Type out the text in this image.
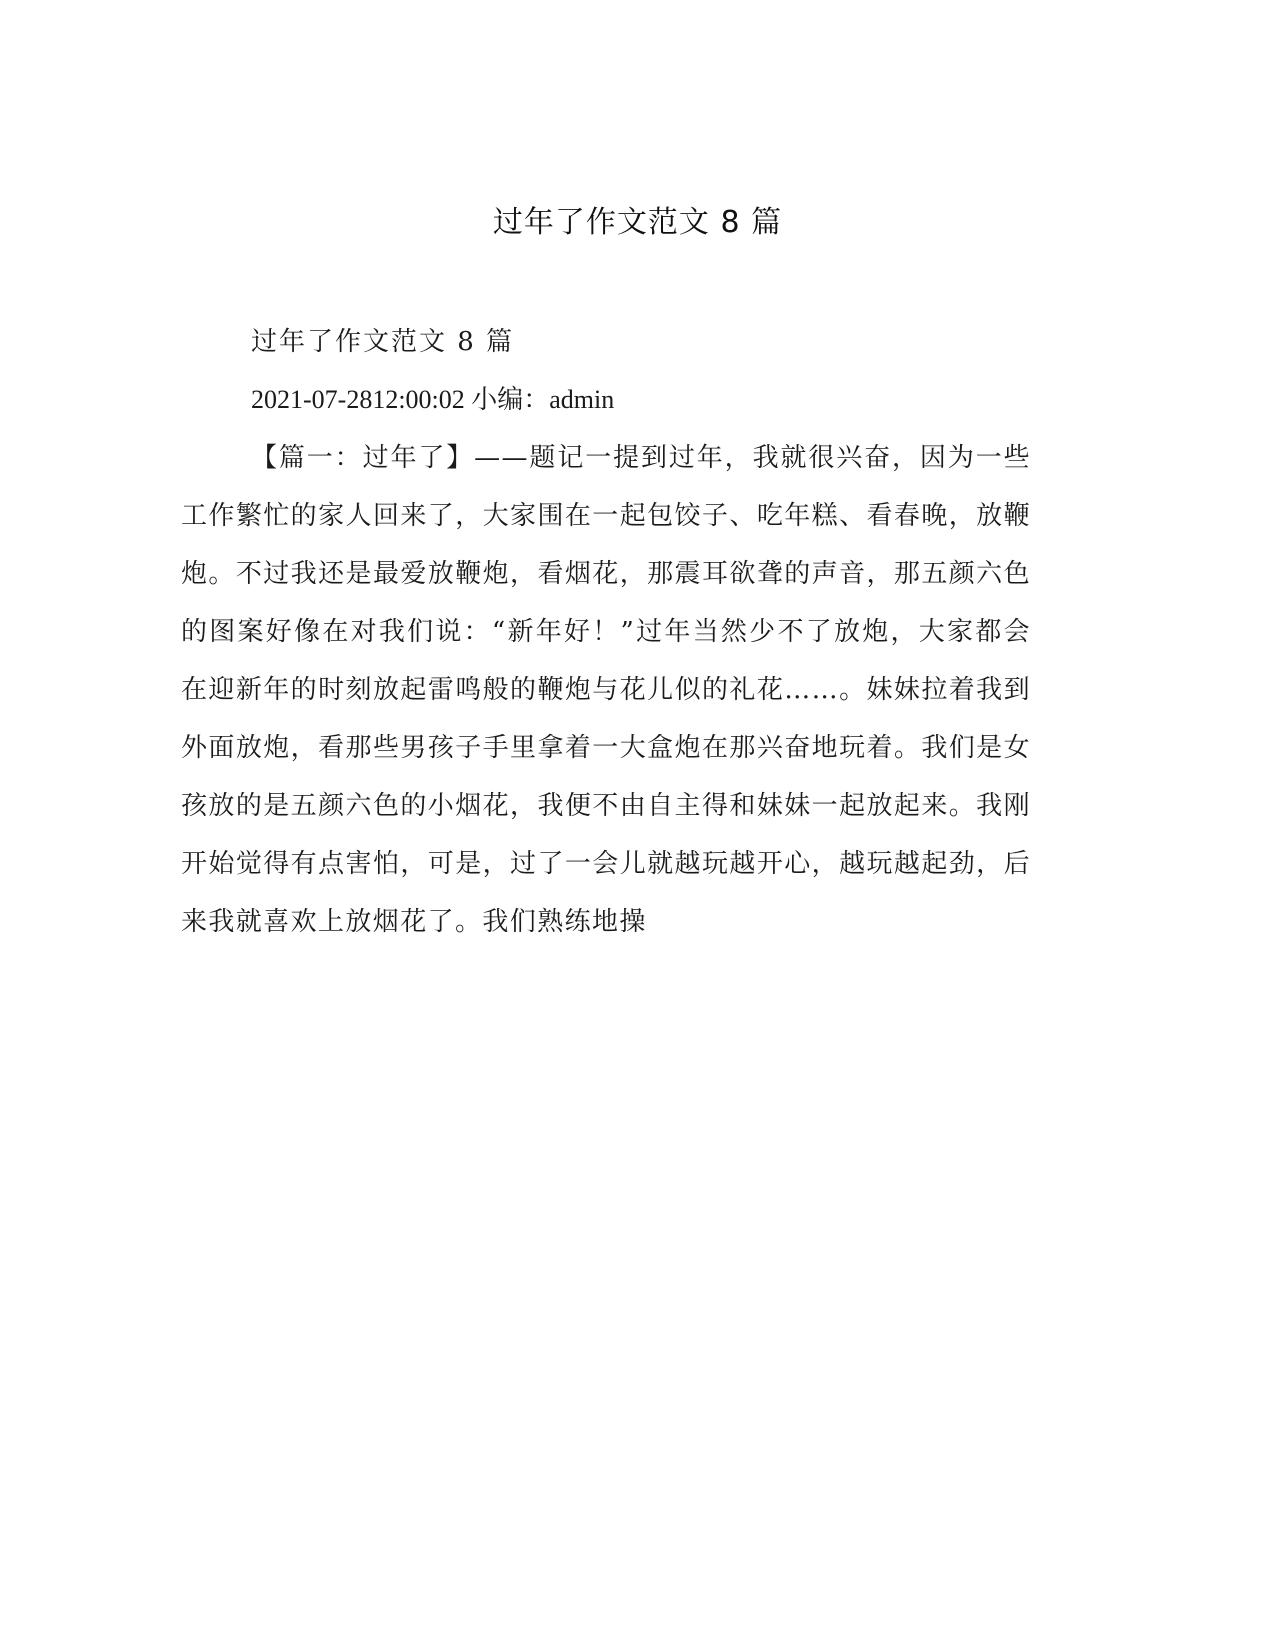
过年了作文范文 8 篇

过年了作文范文 8 篇

2021-07-2812:00:02 小编：admin

【篇一：过年了】——题记一提到过年，我就很兴奋，因为一些工作繁忙的家人回来了，大家围在一起包饺子、吃年糕、看春晚，放鞭炮。不过我还是最爱放鞭炮，看烟花，那震耳欲聋的声音，那五颜六色的图案好像在对我们说：“新年好！”过年当然少不了放炮，大家都会在迎新年的时刻放起雷鸣般的鞭炮与花儿似的礼花……。妹妹拉着我到外面放炮，看那些男孩子手里拿着一大盒炮在那兴奋地玩着。我们是女孩放的是五颜六色的小烟花，我便不由自主得和妹妹一起放起来。我刚开始觉得有点害怕，可是，过了一会儿就越玩越开心，越玩越起劲，后来我就喜欢上放烟花了。我们熟练地操
